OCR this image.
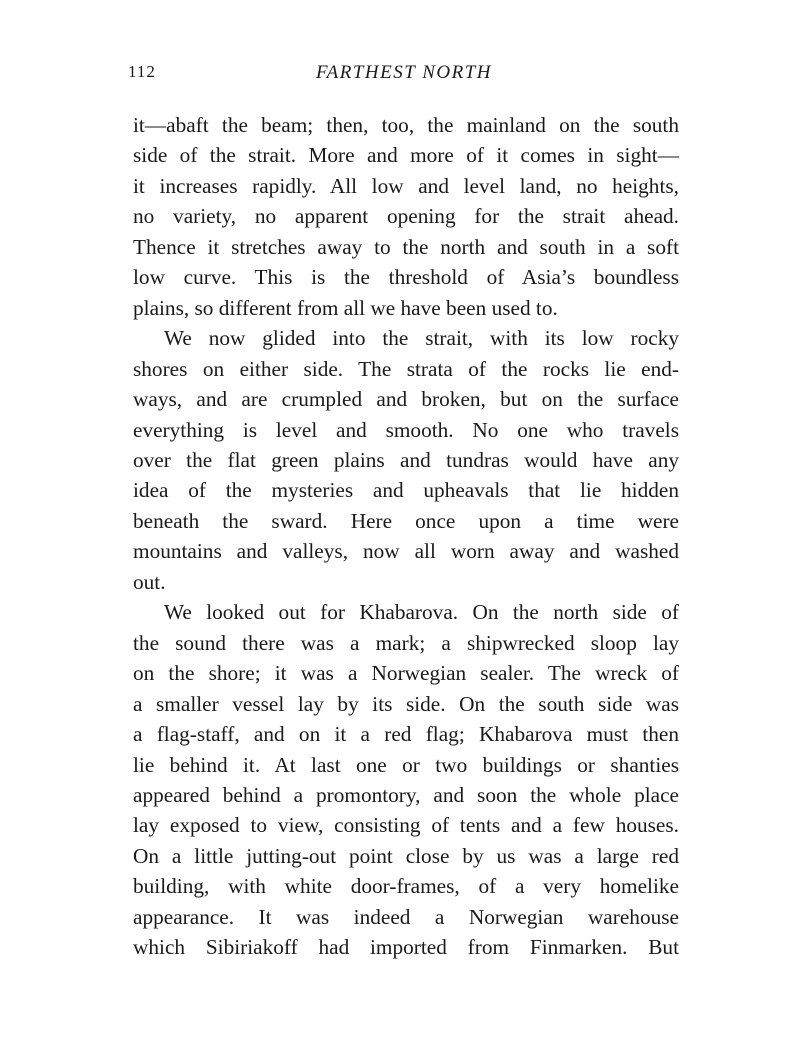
112	FARTHEST NORTH

it—abaft the beam; then, too, the mainland on the south
side of the strait. More and more of it comes in sight—
it increases rapidly. All low and level land, no heights,
no variety, no apparent opening for the strait ahead.
Thence it stretches away to the north and south in a soft
low curve. This is the threshold of Asia’s boundless
plains, so different from all we have been used to.

We now glided into the strait, with its low rocky
shores on either side. The strata of the rocks lie end-
ways, and are crumpled and broken, but on the surface
everything is level and smooth. No one who travels
over the flat green plains and tundras would have any
idea of the mysteries and upheavals that lie hidden
beneath the sward. Here once upon a time were
mountains and valleys, now all worn away and washed
out.

We looked out for Khabarova. On the north side of
the sound there was a mark; a shipwrecked sloop lay
on the shore; it was a Norwegian sealer. The wreck of
a smaller vessel lay by its side. On the south side was
a flag-staff, and on it a red flag; Khabarova must then
lie behind it. At last one or two buildings or shanties
appeared behind a promontory, and soon the whole place
lay exposed to view, consisting of tents and a few houses.
On a little jutting-out point close by us was a large red
building, with white door-frames, of a very homelike
appearance. It was indeed a Norwegian warehouse
which Sibiriakoff had imported from Finmarken. But
